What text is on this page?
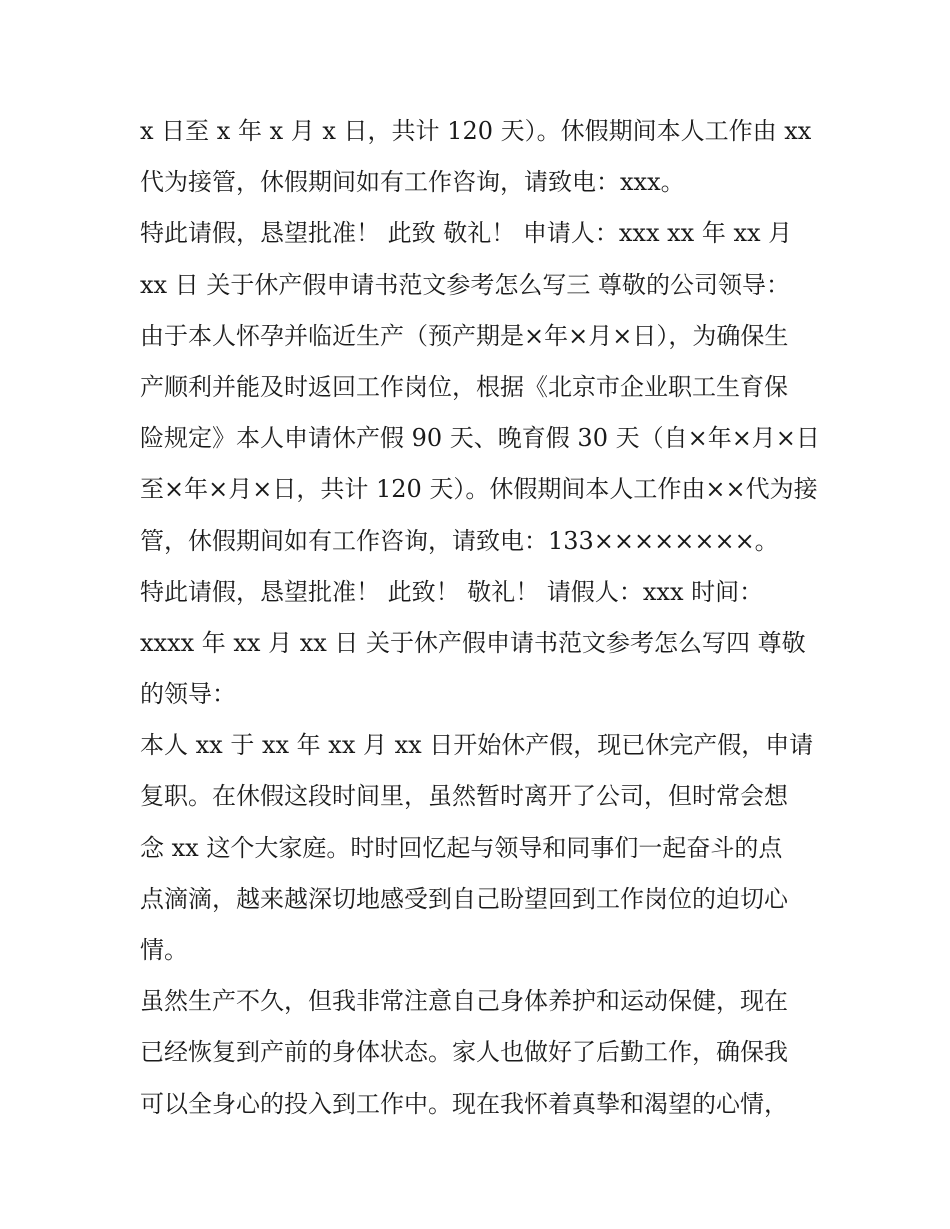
x 日至 x 年 x 月 x 日，共计 120 天）。休假期间本人工作由 xx
代为接管，休假期间如有工作咨询，请致电：xxx。
特此请假，恳望批准！ 此致 敬礼！ 申请人：xxx xx 年 xx 月
xx 日 关于休产假申请书范文参考怎么写三 尊敬的公司领导：
由于本人怀孕并临近生产（预产期是×年×月×日），为确保生
产顺利并能及时返回工作岗位，根据《北京市企业职工生育保
险规定》本人申请休产假 90 天、晚育假 30 天（自×年×月×日
至×年×月×日，共计 120 天）。休假期间本人工作由××代为接
管，休假期间如有工作咨询，请致电：133××××××××。
特此请假，恳望批准！ 此致！ 敬礼！ 请假人：xxx 时间：
xxxx 年 xx 月 xx 日 关于休产假申请书范文参考怎么写四 尊敬
的领导：
本人 xx 于 xx 年 xx 月 xx 日开始休产假，现已休完产假，申请
复职。在休假这段时间里，虽然暂时离开了公司，但时常会想
念 xx 这个大家庭。时时回忆起与领导和同事们一起奋斗的点
点滴滴，越来越深切地感受到自己盼望回到工作岗位的迫切心
情。
虽然生产不久，但我非常注意自己身体养护和运动保健，现在
已经恢复到产前的身体状态。家人也做好了后勤工作，确保我
可以全身心的投入到工作中。现在我怀着真挚和渴望的心情，
